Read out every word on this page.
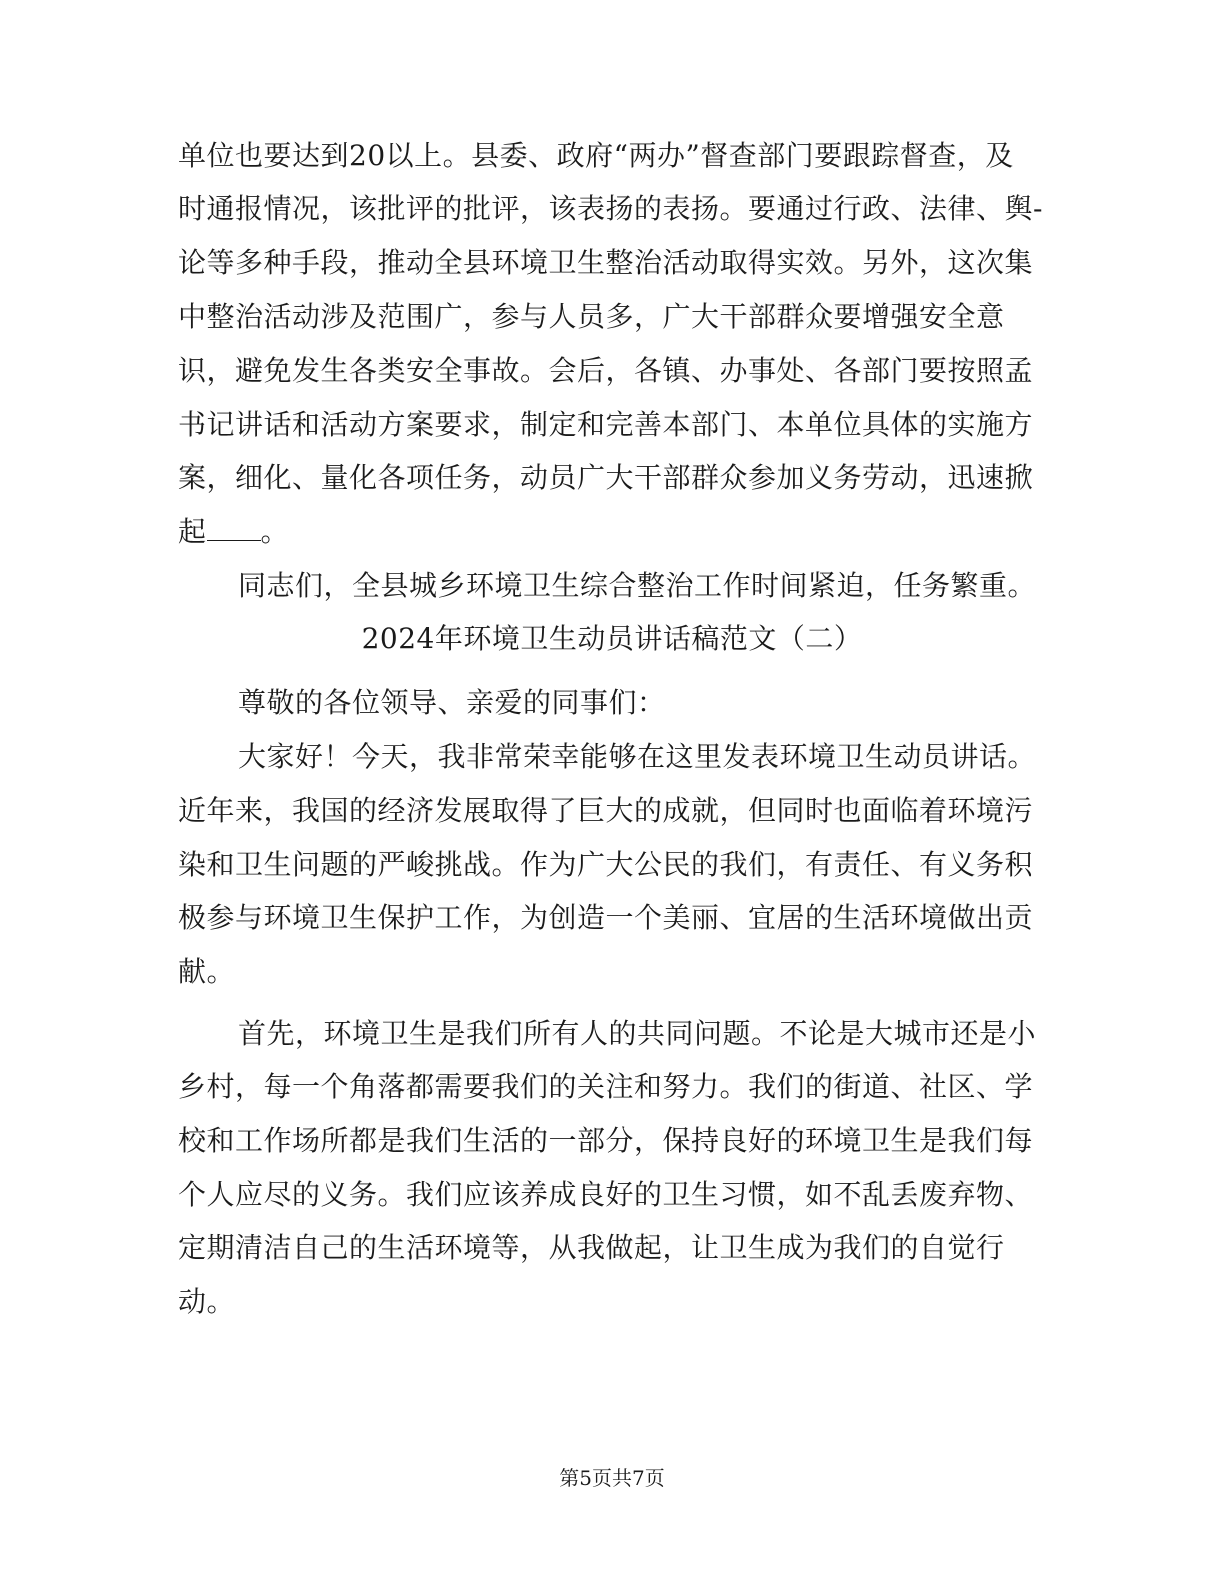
单位也要达到20以上。县委、政府“两办”督查部门要跟踪督查，及
时通报情况，该批评的批评，该表扬的表扬。要通过行政、法律、舆-
论等多种手段，推动全县环境卫生整治活动取得实效。另外，这次集
中整治活动涉及范围广，参与人员多，广大干部群众要增强安全意
识，避免发生各类安全事故。会后，各镇、办事处、各部门要按照孟
书记讲话和活动方案要求，制定和完善本部门、本单位具体的实施方
案，细化、量化各项任务，动员广大干部群众参加义务劳动，迅速掀
起 。
同志们，全县城乡环境卫生综合整治工作时间紧迫，任务繁重。
2024年环境卫生动员讲话稿范文（二）
尊敬的各位领导、亲爱的同事们：
大家好！今天，我非常荣幸能够在这里发表环境卫生动员讲话。
近年来，我国的经济发展取得了巨大的成就，但同时也面临着环境污
染和卫生问题的严峻挑战。作为广大公民的我们，有责任、有义务积
极参与环境卫生保护工作，为创造一个美丽、宜居的生活环境做出贡
献。
首先，环境卫生是我们所有人的共同问题。不论是大城市还是小
乡村，每一个角落都需要我们的关注和努力。我们的街道、社区、学
校和工作场所都是我们生活的一部分，保持良好的环境卫生是我们每
个人应尽的义务。我们应该养成良好的卫生习惯，如不乱丢废弃物、
定期清洁自己的生活环境等，从我做起，让卫生成为我们的自觉行
动。
第5页共7页
